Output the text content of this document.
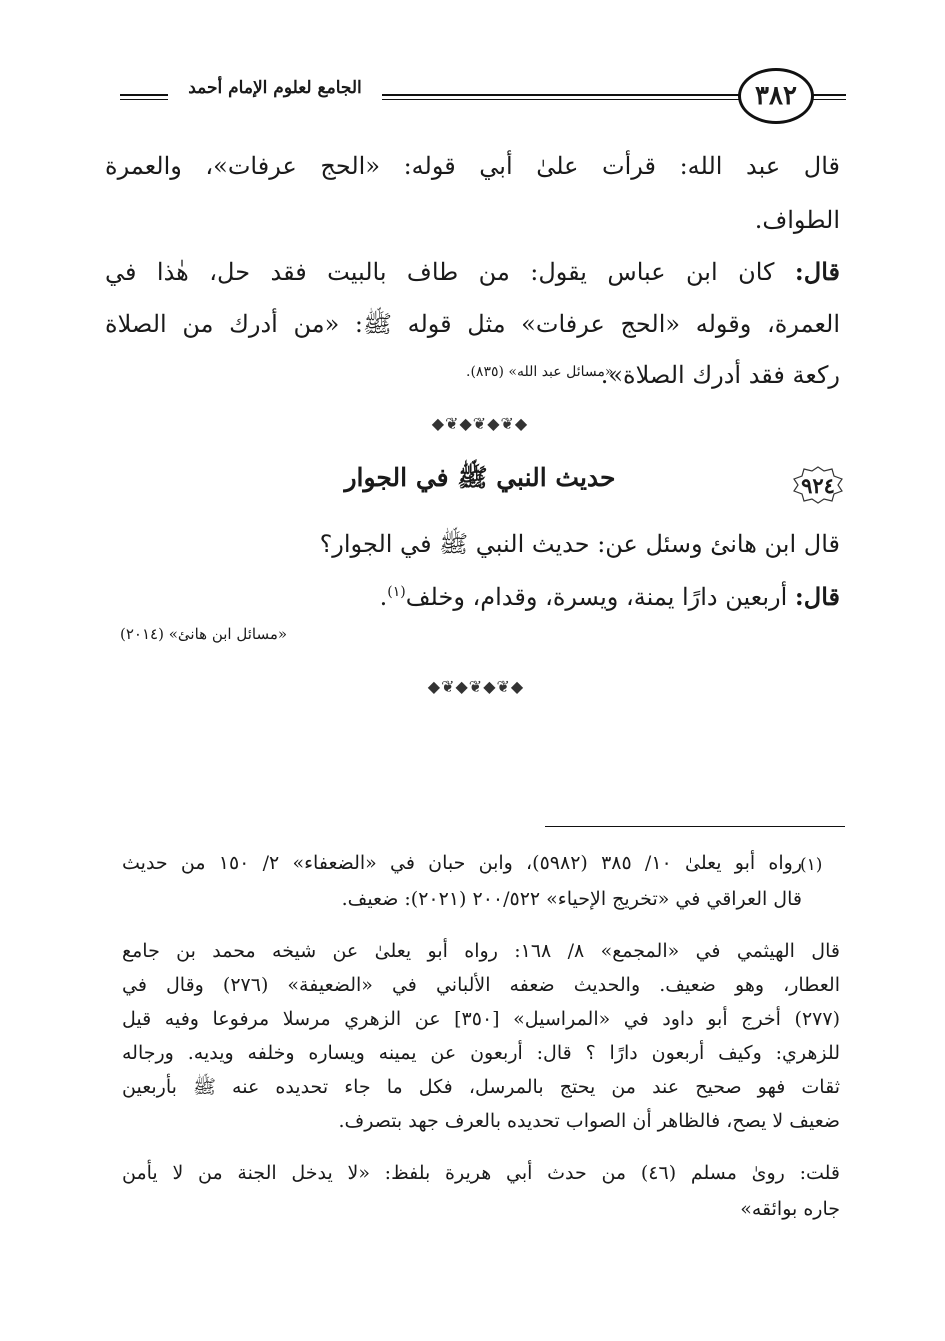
الجامع لعلوم الإمام أحمد	٣٨٢
قال عبد الله: قرأت علىٰ أبي قوله: «الحج عرفات»، والعمرة
الطواف.
قال: كان ابن عباس يقول: من طاف بالبيت فقد حل، هٰذا في
العمرة، وقوله «الحج عرفات» مثل قوله ﷺ: «من أدرك من الصلاة
ركعة فقد أدرك الصلاة».
«مسائل عبد الله» (٨٣٥).
◆❦◆❦◆❦◆
٩٢٤
حديث النبي ﷺ في الجوار
قال ابن هانئ وسئل عن: حديث النبي ﷺ في الجوار؟
قال: أربعين دارًا يمنة، ويسرة، وقدام، وخلف$^{(١)}$.
«مسائل ابن هانئ» (٢٠١٤)
◆❦◆❦◆❦◆
(١)
رواه أبو يعلىٰ ١٠/ ٣٨٥ (٥٩٨٢)، وابن حبان في «الضعفاء» ٢/ ١٥٠ من حديث
قال العراقي في «تخريج الإحياء» ٢٠٠/٥٢٢ (٢٠٢١): ضعيف.
قال الهيثمي في «المجمع» ٨/ ١٦٨: رواه أبو يعلىٰ عن شيخه محمد بن جامع
العطار، وهو ضعيف. والحديث ضعفه الألباني في «الضعيفة» (٢٧٦) وقال في
(٢٧٧) أخرج أبو داود في «المراسيل» [٣٥٠] عن الزهري مرسلا مرفوعا وفيه قيل
للزهري: وكيف أربعون دارًا ؟ قال: أربعون عن يمينه ويساره وخلفه ويديه. ورجاله
ثقات فهو صحيح عند من يحتج بالمرسل، فكل ما جاء تحديده عنه ﷺ بأربعين
ضعيف لا يصح، فالظاهر أن الصواب تحديده بالعرف جهد بتصرف.
قلت: روىٰ مسلم (٤٦) من حدث أبي هريرة بلفظ: «لا يدخل الجنة من لا يأمن
جاره بوائقه»
